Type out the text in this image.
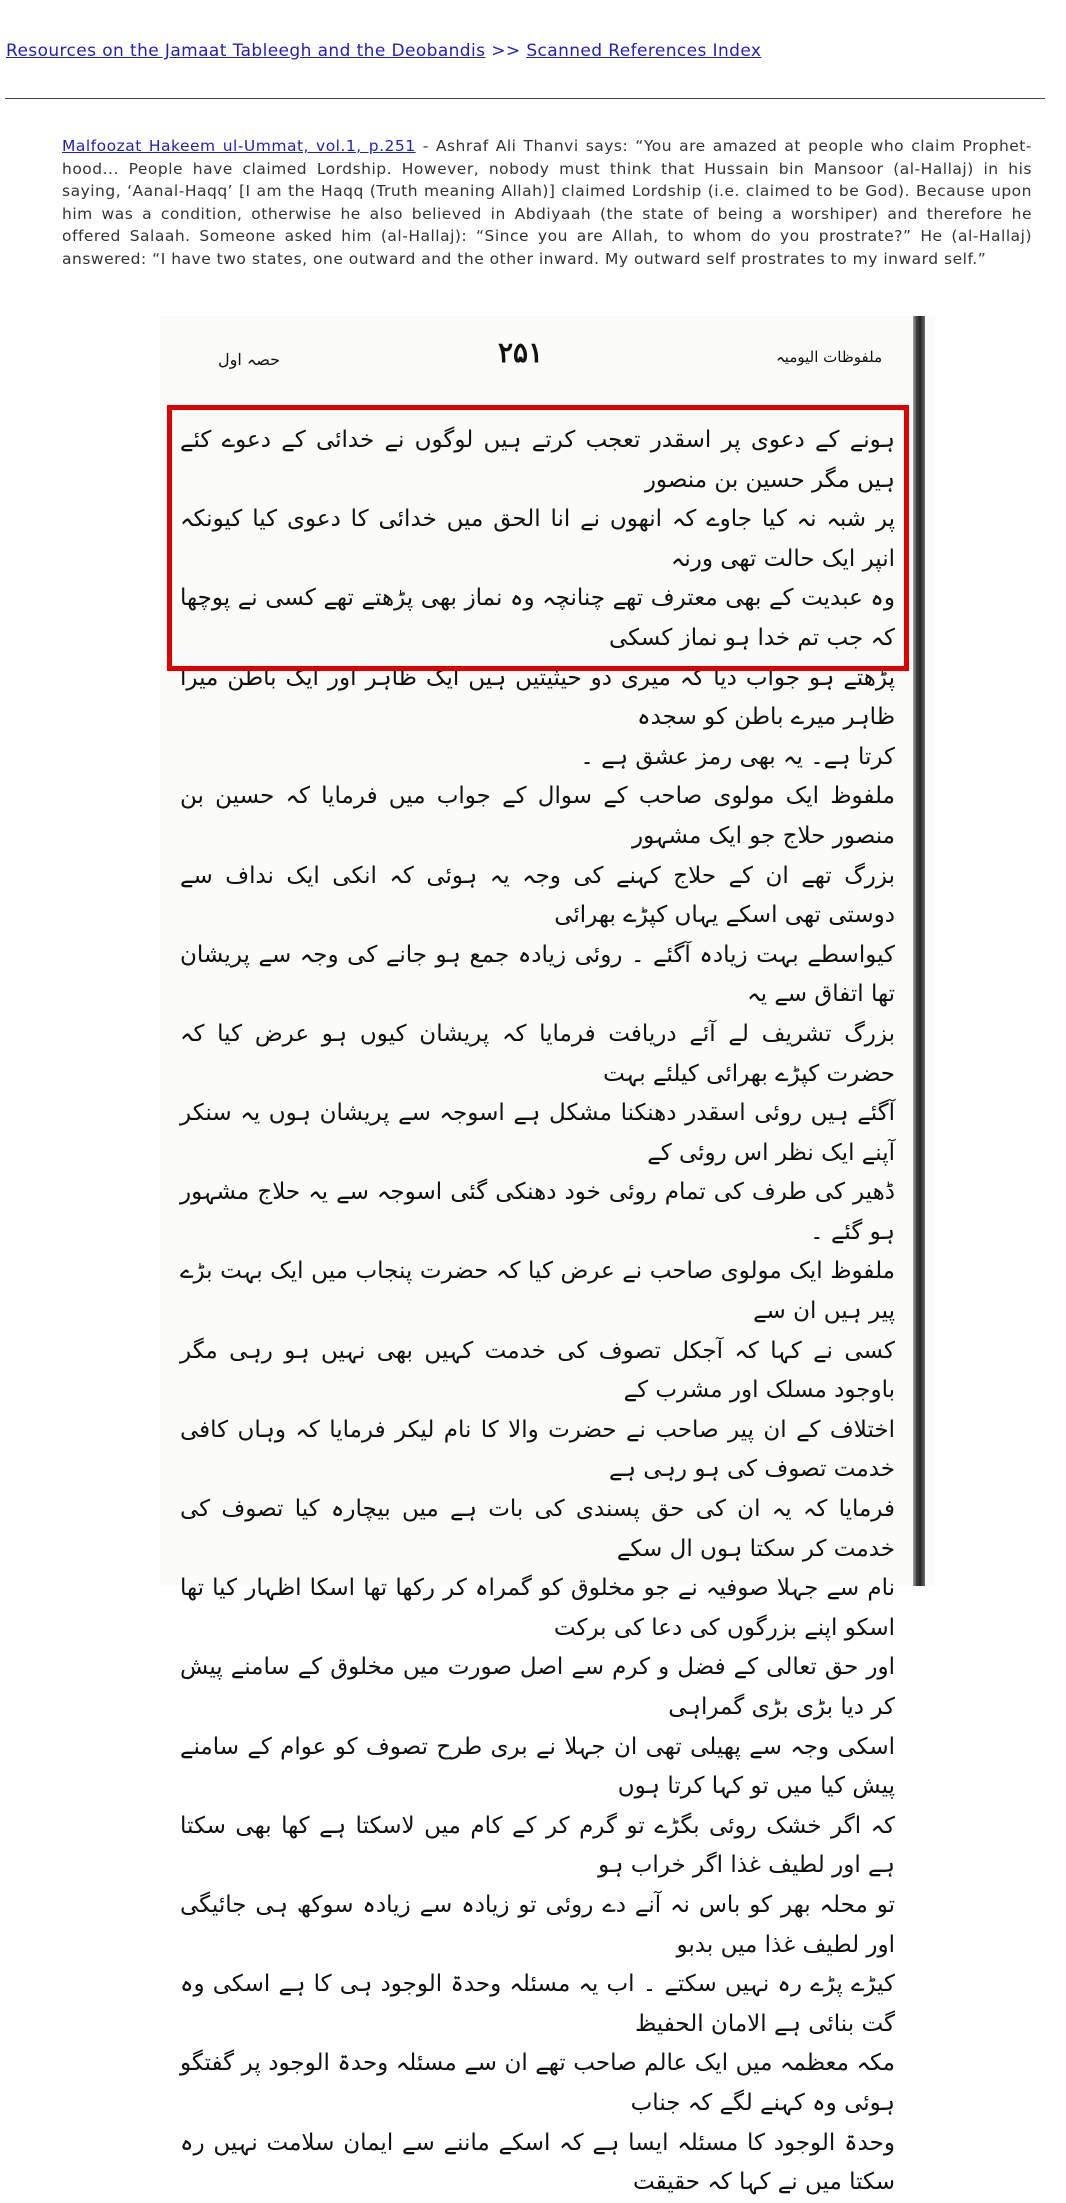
Resources on the Jamaat Tableegh and the Deobandis >> Scanned References Index
Malfoozat Hakeem ul-Ummat, vol.1, p.251 - Ashraf Ali Thanvi says: “You are amazed at people who claim Prophet-hood... People have claimed Lordship. However, nobody must think that Hussain bin Mansoor (al-Hallaj) in his saying, ‘Aanal-Haqq’ [I am the Haqq (Truth meaning Allah)] claimed Lordship (i.e. claimed to be God). Because upon him was a condition, otherwise he also believed in Abdiyaah (the state of being a worshiper) and therefore he offered Salaah. Someone asked him (al-Hallaj): “Since you are Allah, to whom do you prostrate?” He (al-Hallaj) answered: “I have two states, one outward and the other inward. My outward self prostrates to my inward self.”
حصہ اول	۲۵۱	ملفوظات الیومیہ

ہونے کے دعوی پر اسقدر تعجب کرتے ہیں لوگوں نے خدائی کے دعوے کئے ہیں مگر حسین بن منصور

پر شبہ نہ کیا جاوے کہ انھوں نے انا الحق میں خدائی کا دعوی کیا کیونکہ انپر ایک حالت تھی ورنہ

وہ عبدیت کے بھی معترف تھے چنانچہ وہ نماز بھی پڑھتے تھے کسی نے پوچھا کہ جب تم خدا ہو نماز کسکی

پڑھتے ہو جواب دیا کہ میری دو حیثیتیں ہیں ایک ظاہر اور ایک باطن میرا ظاہر میرے باطن کو سجدہ

کرتا ہے۔ یہ بھی رمز عشق ہے ۔

ملفوظ ایک مولوی صاحب کے سوال کے جواب میں فرمایا کہ حسین بن منصور حلاج جو ایک مشہور

بزرگ تھے ان کے حلاج کہنے کی وجہ یہ ہوئی کہ انکی ایک نداف سے دوستی تھی اسکے یہاں کپڑے بھرائی

کیواسطے بہت زیادہ آگئے ۔ روئی زیادہ جمع ہو جانے کی وجہ سے پریشان تھا اتفاق سے یہ

بزرگ تشریف لے آئے دریافت فرمایا کہ پریشان کیوں ہو عرض کیا کہ حضرت کپڑے بھرائی کیلئے بہت

آگئے ہیں روئی اسقدر دھنکنا مشکل ہے اسوجہ سے پریشان ہوں یہ سنکر آپنے ایک نظر اس روئی کے

ڈھیر کی طرف کی تمام روئی خود دھنکی گئی اسوجہ سے یہ حلاج مشہور ہو گئے ۔

ملفوظ ایک مولوی صاحب نے عرض کیا کہ حضرت پنجاب میں ایک بہت بڑے پیر ہیں ان سے

کسی نے کہا کہ آجکل تصوف کی خدمت کہیں بھی نہیں ہو رہی مگر باوجود مسلک اور مشرب کے

اختلاف کے ان پیر صاحب نے حضرت والا کا نام لیکر فرمایا کہ وہاں کافی خدمت تصوف کی ہو رہی ہے

فرمایا کہ یہ ان کی حق پسندی کی بات ہے میں بیچارہ کیا تصوف کی خدمت کر سکتا ہوں ال سکے

نام سے جہلا صوفیہ نے جو مخلوق کو گمراہ کر رکھا تھا اسکا اظہار کیا تھا اسکو اپنے بزرگوں کی دعا کی برکت

اور حق تعالی کے فضل و کرم سے اصل صورت میں مخلوق کے سامنے پیش کر دیا بڑی بڑی گمراہی

اسکی وجہ سے پھیلی تھی ان جہلا نے بری طرح تصوف کو عوام کے سامنے پیش کیا میں تو کہا کرتا ہوں

کہ اگر خشک روئی بگڑے تو گرم کر کے کام میں لاسکتا ہے کھا بھی سکتا ہے اور لطیف غذا اگر خراب ہو

تو محلہ بھر کو باس نہ آنے دے روئی تو زیادہ سے زیادہ سوکھ ہی جائیگی اور لطیف غذا میں بدبو

کیڑے پڑے رہ نہیں سکتے ۔ اب یہ مسئلہ وحدۃ الوجود ہی کا ہے اسکی وہ گت بنائی ہے الامان الحفیظ

مکہ معظمہ میں ایک عالم صاحب تھے ان سے مسئلہ وحدۃ الوجود پر گفتگو ہوئی وہ کہنے لگے کہ جناب

وحدۃ الوجود کا مسئلہ ایسا ہے کہ اسکے ماننے سے ایمان سلامت نہیں رہ سکتا میں نے کہا کہ حقیقت
